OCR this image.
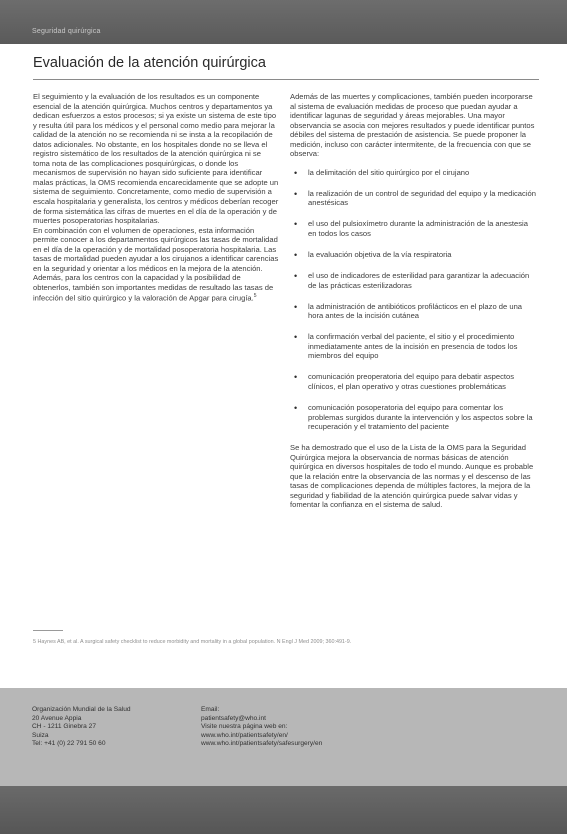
Seguridad quirúrgica
Evaluación de la atención quirúrgica

El seguimiento y la evaluación de los resultados es un componente esencial de la atención quirúrgica. Muchos centros y departamentos ya dedican esfuerzos a estos procesos; si ya existe un sistema de este tipo y resulta útil para los médicos y el personal como medio para mejorar la calidad de la atención no se recomienda ni se insta a la recopilación de datos adicionales. No obstante, en los hospitales donde no se lleva el registro sistemático de los resultados de la atención quirúrgica ni se toma nota de las complicaciones posquirúrgicas, o donde los mecanismos de supervisión no hayan sido suficiente para identificar malas prácticas, la OMS recomienda encarecidamente que se adopte un sistema de seguimiento. Concretamente, como medio de supervisión a escala hospitalaria y generalista, los centros y médicos deberían recoger de forma sistemática las cifras de muertes en el día de la operación y de muertes posoperatorias hospitalarias.

En combinación con el volumen de operaciones, esta información permite conocer a los departamentos quirúrgicos las tasas de mortalidad en el día de la operación y de mortalidad posoperatoria hospitalaria. Las tasas de mortalidad pueden ayudar a los cirujanos a identificar carencias en la seguridad y orientar a los médicos en la mejora de la atención. Además, para los centros con la capacidad y la posibilidad de obtenerlos, también son importantes medidas de resultado las tasas de infección del sitio quirúrgico y la valoración de Apgar para cirugía.$^5$

Además de las muertes y complicaciones, también pueden incorporarse al sistema de evaluación medidas de proceso que puedan ayudar a identificar lagunas de seguridad y áreas mejorables. Una mayor observancia se asocia con mejores resultados y puede identificar puntos débiles del sistema de prestación de asistencia. Se puede proponer la medición, incluso con carácter intermitente, de la frecuencia con que se observa:

• la delimitación del sitio quirúrgico por el cirujano
• la realización de un control de seguridad del equipo y la medicación anestésicas
• el uso del pulsioxímetro durante la administración de la anestesia en todos los casos
• la evaluación objetiva de la vía respiratoria
• el uso de indicadores de esterilidad para garantizar la adecuación de las prácticas esterilizadoras
• la administración de antibióticos profilácticos en el plazo de una hora antes de la incisión cutánea
• la confirmación verbal del paciente, el sitio y el procedimiento inmediatamente antes de la incisión en presencia de todos los miembros del equipo
• comunicación preoperatoria del equipo para debatir aspectos clínicos, el plan operativo y otras cuestiones problemáticas
• comunicación posoperatoria del equipo para comentar los problemas surgidos durante la intervención y los aspectos sobre la recuperación y el tratamiento del paciente

Se ha demostrado que el uso de la Lista de la OMS para la Seguridad Quirúrgica mejora la observancia de normas básicas de atención quirúrgica en diversos hospitales de todo el mundo. Aunque es probable que la relación entre la observancia de las normas y el descenso de las tasas de complicaciones dependa de múltiples factores, la mejora de la seguridad y fiabilidad de la atención quirúrgica puede salvar vidas y fomentar la confianza en el sistema de salud.

5 Haynes AB, et al. A surgical safety checklist to reduce morbidity and mortality in a global population. N Engl J Med 2009; 360:491-9.
Organización Mundial de la Salud
20 Avenue Appia
CH - 1211 Ginebra 27
Suiza
Tel: +41 (0) 22 791 50 60
Email:
patientsafety@who.int
Visite nuestra página web en:
www.who.int/patientsafety/en/
www.who.int/patientsafety/safesurgery/en
